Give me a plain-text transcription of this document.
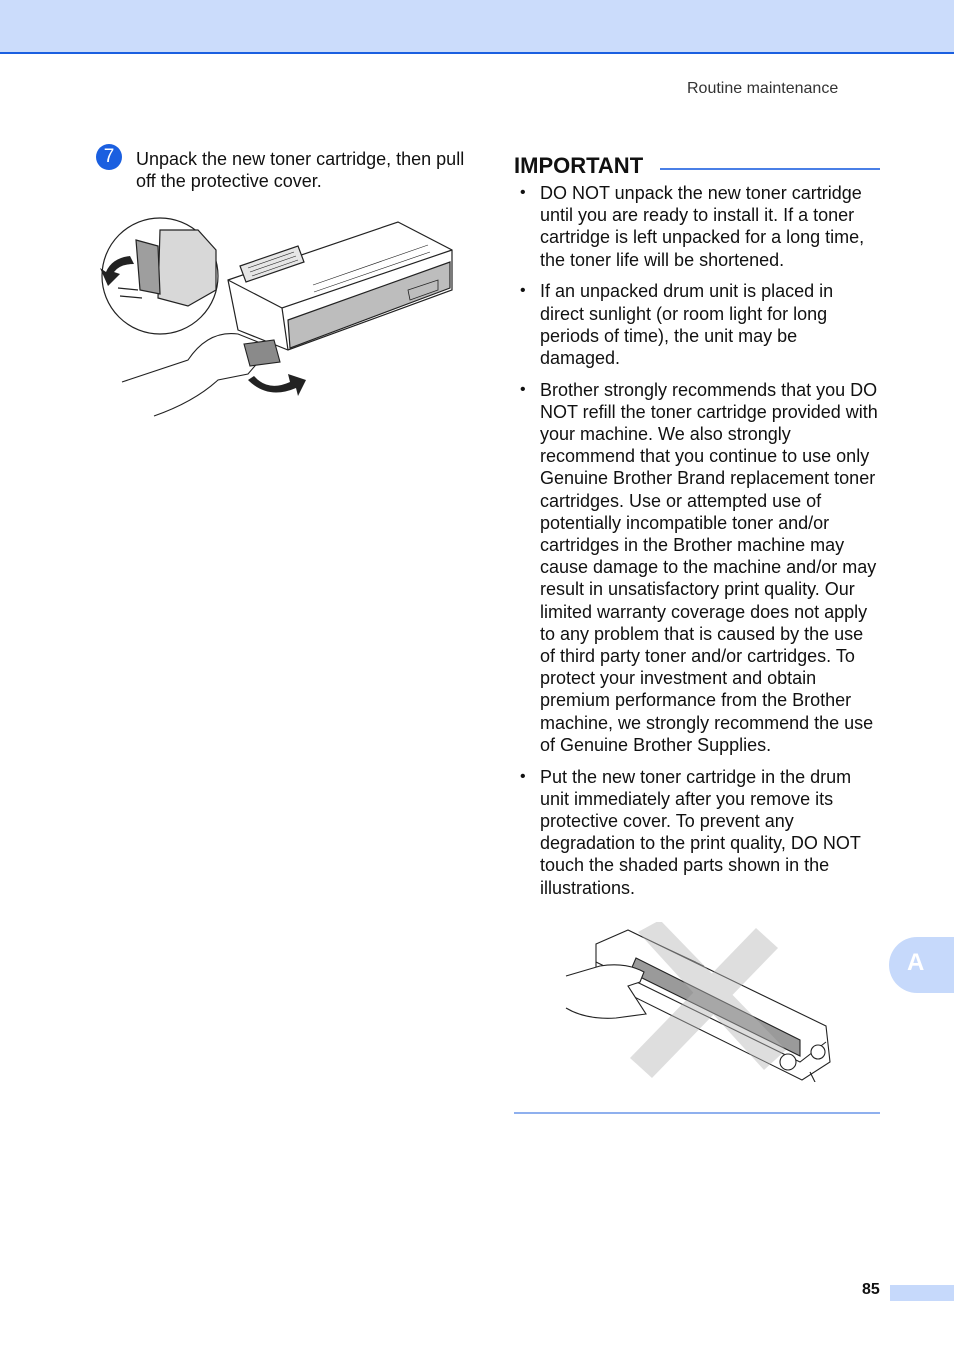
Routine maintenance
7	Unpack the new toner cartridge, then pull off the protective cover.
IMPORTANT
• DO NOT unpack the new toner cartridge until you are ready to install it. If a toner cartridge is left unpacked for a long time, the toner life will be shortened.
• If an unpacked drum unit is placed in direct sunlight (or room light for long periods of time), the unit may be damaged.
• Brother strongly recommends that you DO NOT refill the toner cartridge provided with your machine. We also strongly recommend that you continue to use only Genuine Brother Brand replacement toner cartridges. Use or attempted use of potentially incompatible toner and/or cartridges in the Brother machine may cause damage to the machine and/or may result in unsatisfactory print quality. Our limited warranty coverage does not apply to any problem that is caused by the use of third party toner and/or cartridges. To protect your investment and obtain premium performance from the Brother machine, we strongly recommend the use of Genuine Brother Supplies.
• Put the new toner cartridge in the drum unit immediately after you remove its protective cover. To prevent any degradation to the print quality, DO NOT touch the shaded parts shown in the illustrations.
A
85
